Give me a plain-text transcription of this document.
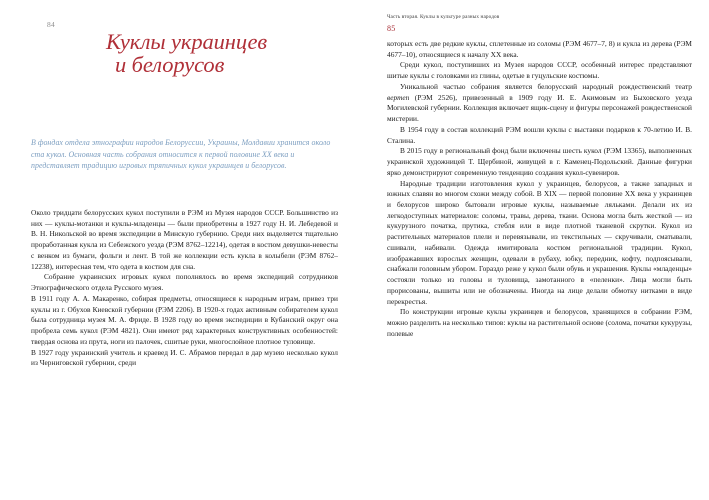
84
Куклы украинцев
и белорусов
В фондах отдела этнографии народов Белоруссии, Украины, Молдавии хранится около ста кукол. Основная часть собрания относится к первой половине XX века и представляет традицию игровых тряпичных кукол украинцев и белорусов.

Около тридцати белорусских кукол поступили в РЭМ из Музея народов СССР. Большинство из них — куклы-мотанки и куклы-младенцы — были приобретены в 1927 году Н. И. Лебедевой и В. Н. Никольской во время экспедиции в Минскую губернию. Среди них выделяется тщательно проработанная кукла из Себежского уезда (РЭМ 8762–12214), одетая в костюм девушки-невесты с венком из бумаги, фольги и лент. В той же коллекции есть кукла в колыбели (РЭМ 8762–12238), интересная тем, что одета в костюм для сна.

Собрание украинских игровых кукол пополнялось во время экспедиций сотрудников Этнографического отдела Русского музея.

В 1911 году А. А. Макаренко, собирая предметы, относящиеся к народным играм, привез три куклы из г. Обухов Киевской губернии (РЭМ 2206). В 1920-х годах активным собирателем кукол была сотрудница музея М. А. Фриде. В 1928 году во время экспедиции в Кубанский округ она пробрела семь кукол (РЭМ 4821). Они имеют ряд характерных конструктивных особенностей: твердая основа из прута, ноги из палочек, сшитые руки, многослойное плотное туловище.

В 1927 году украинский учитель и краевед И. С. Абрамов передал в дар музею несколько кукол из Черниговской губернии, среди

Часть вторая. Куклы в культуре разных народов
85

которых есть две редкие куклы, сплетенные из соломы (РЭМ 4677–7, 8) и кукла из дерева (РЭМ 4677–10), относящиеся к началу XX века.

Среди кукол, поступивших из Музея народов СССР, особенный интерес представляют шитые куклы с головками из глины, одетые в гуцульские костюмы.

Уникальной частью собрания является белорусский народный рождественский театр вертеп (РЭМ 2526), привезенный в 1909 году И. Е. Акимовым из Быховского уезда Могилевской губернии. Коллекция включает ящик-сцену и фигуры персонажей рождественской мистерии.

В 1954 году в состав коллекций РЭМ вошли куклы с выставки подарков к 70-летию И. В. Сталина.

В 2015 году в региональный фонд были включены шесть кукол (РЭМ 13365), выполненных украинской художницей Т. Щербиной, живущей в г. Каменец-Подольский. Данные фигурки ярко демонстрируют современную тенденцию создания кукол-сувениров.

Народные традиции изготовления кукол у украинцев, белорусов, а также западных и южных славян во многом схожи между собой. В XIX — первой половине XX века у украинцев и белорусов широко бытовали игровые куклы, называемые ляльками. Делали их из легкодоступных материалов: соломы, травы, дерева, ткани. Основа могла быть жесткой — из кукурузного початка, прутика, стебля или в виде плотной тканевой скрутки. Кукол из растительных материалов плели и перевязывали, из текстильных — скручивали, сматывали, сшивали, набивали. Одежда имитировала костюм региональной традиции. Кукол, изображавших взрослых женщин, одевали в рубаху, юбку, передник, кофту, подпоясывали, снабжали головным убором. Гораздо реже у кукол были обувь и украшения. Куклы «младенцы» состояли только из головы и туловища, замотанного в «пеленки». Лица могли быть прорисованы, вышиты или не обозначены. Иногда на лице делали обмотку нитками в виде перекрестья.

По конструкции игровые куклы украинцев и белорусов, хранящихся в собрании РЭМ, можно разделить на несколько типов: куклы на растительной основе (солома, початки кукурузы, полевые
